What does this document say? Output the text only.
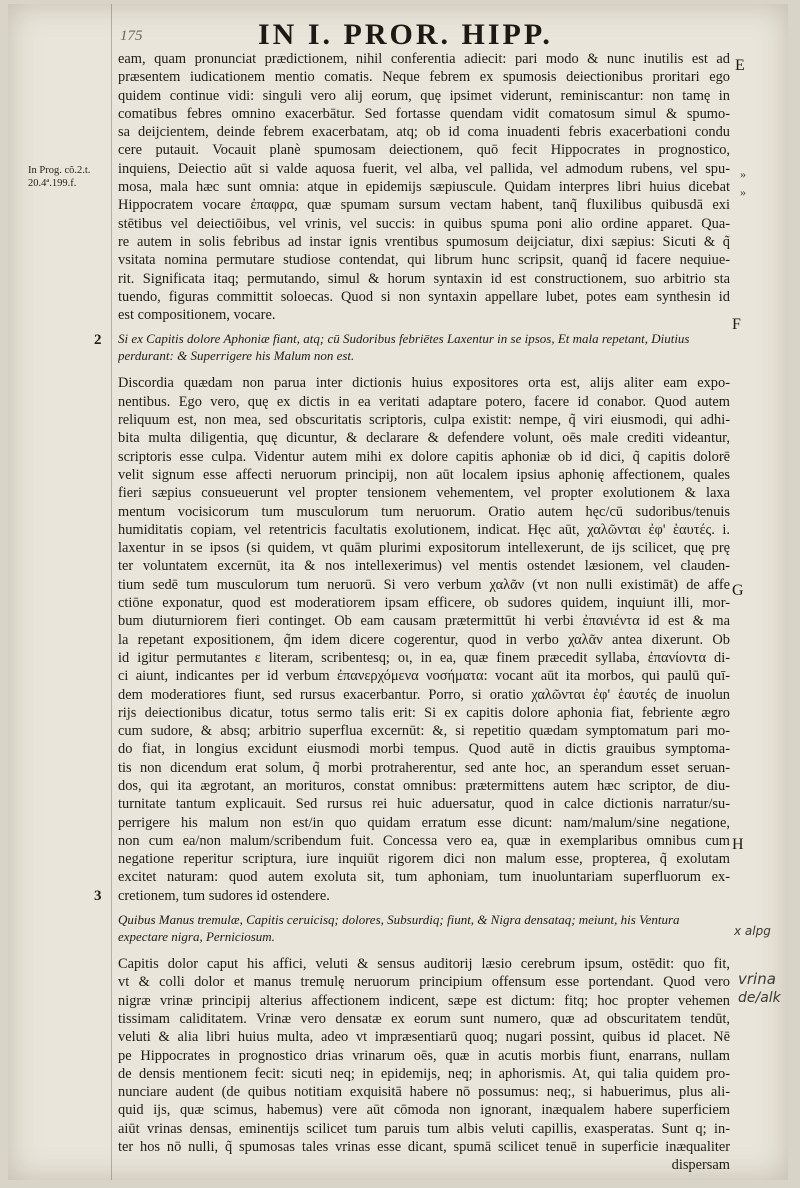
175	IN I. PROR. HIPP.
In Prog. cõ.2.t.
20.4ª.199.f.
»
»
E
F
G
H
2
3
x alpg
vrina
de/alk
eam, quam pronunciat prædictionem, nihil conferentia adiecit: pari modo & nunc inutilis est ad
præsentem iudicationem mentio comatis. Neque febrem ex spumosis deiectionibus proritari ego
quidem continue vidi: singuli vero alij eorum, quę ipsimet viderunt, reminiscantur: non tamę in
comatibus febres omnino exacerbātur. Sed fortasse quendam vidit comatosum simul & spumo-
sa deijcientem, deinde febrem exacerbatam, atq; ob id coma inuadenti febris exacerbationi condu
cere putauit. Vocauit planè spumosam deiectionem, quō fecit Hippocrates in prognostico,
inquiens, Deiectio aūt si valde aquosa fuerit, vel alba, vel pallida, vel admodum rubens, vel spu-
mosa, mala hæc sunt omnia: atque in epidemijs sæpiuscule. Quidam interpres libri huius dicebat
Hippocratem vocare ἐπαφρα, quæ spumam sursum vectam habent, tanq̃ fluxilibus quibusdā exi
stētibus vel deiectiōibus, vel vrinis, vel succis: in quibus spuma poni alio ordine apparet. Qua-
re autem in solis febribus ad instar ignis vrentibus spumosum deijciatur, dixi sæpius: Sicuti & q̃
vsitata nomina permutare studiose contendat, qui librum hunc scripsit, quanq̃ id facere nequiue-
rit. Significata itaq; permutando, simul & horum syntaxin id est constructionem, suo arbitrio sta
tuendo, figuras committit soloecas. Quod si non syntaxin appellare lubet, potes eam synthesin id
est compositionem, vocare.
Si ex Capitis dolore Aphoniæ fiant, atq; cū Sudoribus febriētes Laxentur in se ipsos, Et mala repetant, Diutius
perdurant: & Superrigere his Malum non est.
Discordia quædam non parua inter dictionis huius expositores orta est, alijs aliter eam expo-
nentibus. Ego vero, quę ex dictis in ea veritati adaptare potero, facere id conabor. Quod autem
reliquum est, non mea, sed obscuritatis scriptoris, culpa existit: nempe, q̃ viri eiusmodi, qui adhi-
bita multa diligentia, quę dicuntur, & declarare & defendere volunt, oēs male crediti videantur,
scriptoris esse culpa. Videntur autem mihi ex dolore capitis aphoniæ ob id dici, q̃ capitis dolorē
velit signum esse affecti neruorum principij, non aūt localem ipsius aphonię affectionem, quales
fieri sæpius consueuerunt vel propter tensionem vehementem, vel propter exolutionem & laxa
mentum vocisicorum tum musculorum tum neruorum. Oratio autem hęc/cū sudoribus/tenuis
humiditatis copiam, vel retentricis facultatis exolutionem, indicat. Hęc aūt, χαλῶνται ἐφ' ἑαυτές. i.
laxentur in se ipsos (si quidem, vt quām plurimi expositorum intellexerunt, de ijs scilicet, quę prę
ter voluntatem excernūt, ita & nos intellexerimus) vel mentis ostendet læsionem, vel clauden-
tium sedē tum musculorum tum neruorū. Si vero verbum χαλᾶν (vt non nulli existimāt) de affe
ctiōne exponatur, quod est moderatiorem ipsam efficere, ob sudores quidem, inquiunt illi, mor-
bum diuturniorem fieri continget. Ob eam causam prætermittūt hi verbi ἐπανιέντα id est & ma
la repetant expositionem, q̃m idem dicere cogerentur, quod in verbo χαλᾶν antea dixerunt. Ob
id igitur permutantes ε literam, scribentesq; οι, in ea, quæ finem præcedit syllaba, ἐπανίοντα di-
ci aiunt, indicantes per id verbum ἐπανερχόμενα νοσήματα: vocant aūt ita morbos, qui paulū quī-
dem moderatiores fiunt, sed rursus exacerbantur. Porro, si oratio χαλῶνται ἐφ' ἑαυτές de inuolun
rijs deiectionibus dicatur, totus sermo talis erit: Si ex capitis dolore aphonia fiat, febriente ægro
cum sudore, & absq; arbitrio superflua excernūt: &, si repetitio quædam symptomatum pari mo-
do fiat, in longius excidunt eiusmodi morbi tempus. Quod autē in dictis grauibus symptoma-
tis non dicendum erat solum, q̃ morbi protraherentur, sed ante hoc, an sperandum esset seruan-
dos, qui ita ægrotant, an morituros, constat omnibus: prætermittens autem hæc scriptor, de diu-
turnitate tantum explicauit. Sed rursus rei huic aduersatur, quod in calce dictionis narratur/su-
perrigere his malum non est/in quo quidam erratum esse dicunt: nam/malum/sine negatione,
non cum ea/non malum/scribendum fuit. Concessa vero ea, quæ in exemplaribus omnibus cum
negatione reperitur scriptura, iure inquiūt rigorem dici non malum esse, propterea, q̃ exolutam
excitet naturam: quod autem exoluta sit, tum aphoniam, tum inuoluntariam superfluorum ex-
cretionem, tum sudores id ostendere.
Quibus Manus tremulæ, Capitis ceruicisq; dolores, Subsurdiq; fiunt, & Nigra densataq; meiunt, his Ventura
expectare nigra, Perniciosum.
Capitis dolor caput his affici, veluti & sensus auditorij læsio cerebrum ipsum, ostēdit: quo fit,
vt & colli dolor et manus tremulę neruorum principium offensum esse portendant. Quod vero
nigræ vrinæ principij alterius affectionem indicent, sæpe est dictum: fitq; hoc propter vehemen
tissimam caliditatem. Vrinæ vero densatæ ex eorum sunt numero, quæ ad obscuritatem tendūt,
veluti & alia libri huius multa, adeo vt impræsentiarū quoq; nugari possint, quibus id placet. Nē
pe Hippocrates in prognostico drias vrinarum oēs, quæ in acutis morbis fiunt, enarrans, nullam
de densis mentionem fecit: sicuti neq; in epidemijs, neq; in aphorismis. At, qui talia quidem pro-
nunciare audent (de quibus notitiam exquisitā habere nō possumus: neq;, si habuerimus, plus ali-
quid ijs, quæ scimus, habemus) vere aūt cōmoda non ignorant, inæqualem habere superficiem
aiūt vrinas densas, eminentijs scilicet tum paruis tum albis veluti capillis, exasperatas. Sunt q; in-
ter hos nō nulli, q̃ spumosas tales vrinas esse dicant, spumā scilicet tenuē in superficie inæqualiter
dispersam
